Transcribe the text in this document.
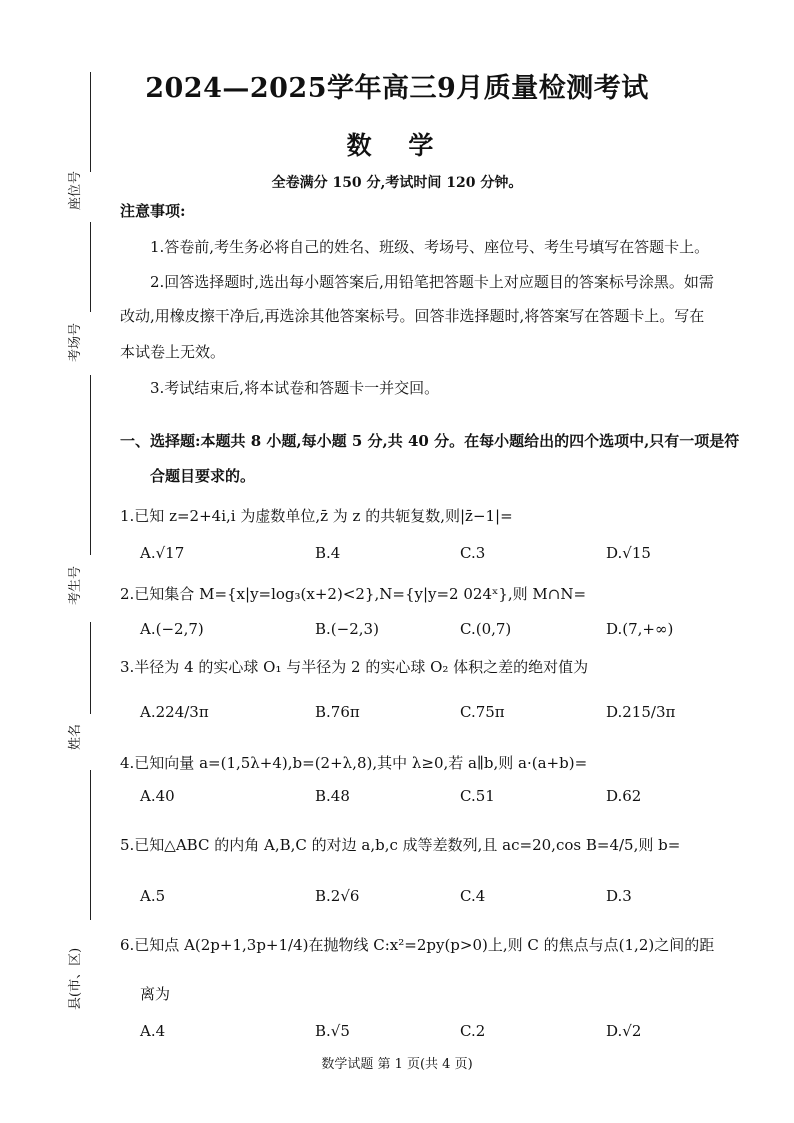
座位号
考场号
考生号
姓名
县(市、区)
2024—2025学年高三9月质量检测考试
数 学
全卷满分 150 分,考试时间 120 分钟。
注意事项:
1.答卷前,考生务必将自己的姓名、班级、考场号、座位号、考生号填写在答题卡上。
2.回答选择题时,选出每小题答案后,用铅笔把答题卡上对应题目的答案标号涂黑。如需
改动,用橡皮擦干净后,再选涂其他答案标号。回答非选择题时,将答案写在答题卡上。写在
本试卷上无效。
3.考试结束后,将本试卷和答题卡一并交回。
一、选择题:本题共 8 小题,每小题 5 分,共 40 分。在每小题给出的四个选项中,只有一项是符
合题目要求的。
1.已知 z=2+4i,i 为虚数单位,z̄ 为 z 的共轭复数,则|z̄−1|=
A.√17	B.4	C.3	D.√15
2.已知集合 M={x|y=log₃(x+2)<2},N={y|y=2 024ˣ},则 M∩N=
A.(−2,7)	B.(−2,3)	C.(0,7)	D.(7,+∞)
3.半径为 4 的实心球 O₁ 与半径为 2 的实心球 O₂ 体积之差的绝对值为
A.224/3π	B.76π	C.75π	D.215/3π
4.已知向量 a=(1,5λ+4),b=(2+λ,8),其中 λ≥0,若 a∥b,则 a·(a+b)=
A.40	B.48	C.51	D.62
5.已知△ABC 的内角 A,B,C 的对边 a,b,c 成等差数列,且 ac=20,cos B=4/5,则 b=
A.5	B.2√6	C.4	D.3
6.已知点 A(2p+1,3p+1/4)在抛物线 C:x²=2py(p>0)上,则 C 的焦点与点(1,2)之间的距
离为
A.4	B.√5	C.2	D.√2
数学试题 第 1 页(共 4 页)
